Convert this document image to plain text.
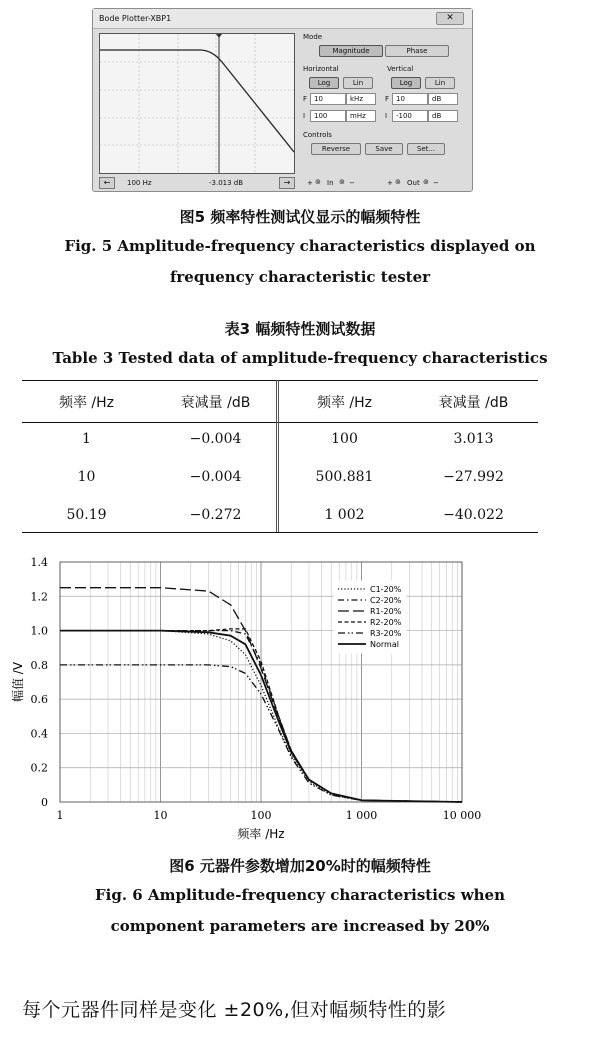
Bode Plotter-XBP1	✕
←	100 Hz	-3.013 dB	→
Mode
Magnitude	Phase
Horizontal	Vertical
Log	Lin	Log	Lin
F 10	kHz	F 10	dB
I	100	mHz	I	-100	dB
Controls
Reverse	Save	Set...
+ ⊚ In ⊚ −	+ ⊚ Out ⊚ −
图5 频率特性测试仪显示的幅频特性
Fig. 5 Amplitude-frequency characteristics displayed on
frequency characteristic tester
表3 幅频特性测试数据
Table 3 Tested data of amplitude-frequency characteristics
频率 /Hz	衰减量 /dB	频率 /Hz	衰减量 /dB
1	−0.004	100	3.013
10	−0.004	500.881	−27.992
50.19	−0.272	1 002	−40.022
1	10	100	1 000	10 000
0
0.2
0.4
0.6
0.8
1.0
1.2
1.4
频率 /Hz
幅值 /V
C1-20%
C2-20%
R1-20%
R2-20%
R3-20%
Normal
图6 元器件参数增加20%时的幅频特性
Fig. 6 Amplitude-frequency characteristics when
component parameters are increased by 20%
每个元器件同样是变化 ±20%,但对幅频特性的影
